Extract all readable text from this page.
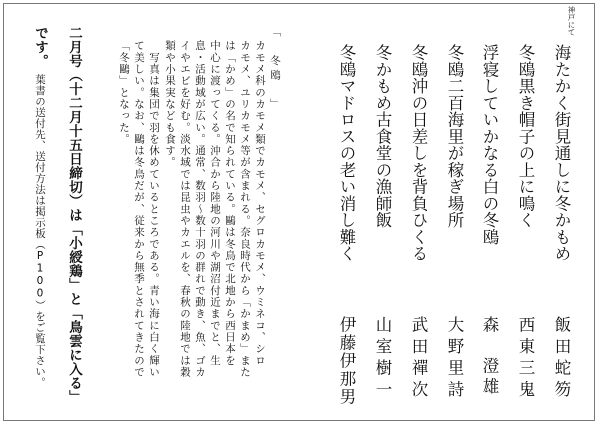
海たかく街見通しに冬かもめ
神戸にて
飯田蛇笏
冬鴎黒き帽子の上に鳴く
西東三鬼
浮寝していかなる白の冬鴎
森　澄雄
冬鴎二百海里が稼ぎ場所
大野里詩
冬鴎沖の日差しを背負ひくる
武田禪次
冬かもめ古食堂の漁師飯
山室樹一
冬鴎マドロスの老い消し難く
伊藤伊那男
「　冬鴎　」
カモメ科のカモメ類でカモメ、セグロカモメ、ウミネコ、シロ
カモメ、ユリカモメ等が含まれる。奈良時代から「かまめ」また
は「かめ」の名で知られている。鷗は冬鳥で北地から西日本を
中心に渡ってくる。沖合から陸地の河川や湖沼付近までと、生
息・活動域が広い。通常、数羽～数十羽の群れで動き、魚、ゴカ
イやエビを好む。淡水域では昆虫やカエルを、春秋の陸地では穀
類や小果実なども食す。
　写真は集団で羽を休めているところである。青い海に白く輝い
て美しい。なお、鷗は冬鳥だが、従来から無季とされてきたので
「冬鷗」となった。
二月号（十二月十五日締切）は「小綬鶏」と「鳥雲に入る」
です。葉書の送付先、送付方法は掲示板（P100）をご覧下さい。
